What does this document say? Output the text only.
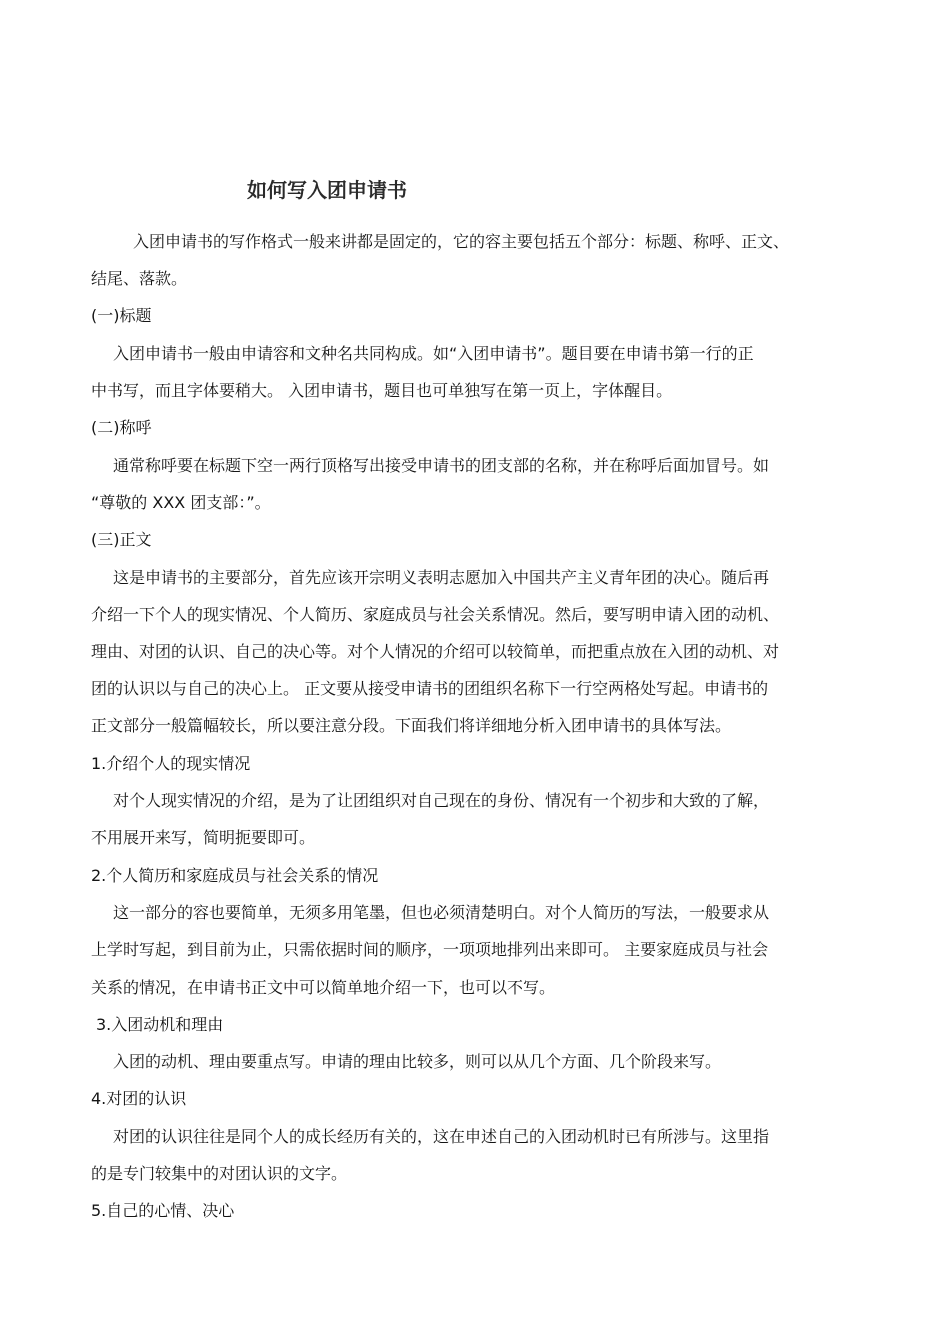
如何写入团申请书
入团申请书的写作格式一般来讲都是固定的，它的容主要包括五个部分：标题、称呼、正文、
结尾、落款。
(一)标题
入团申请书一般由申请容和文种名共同构成。如“入团申请书”。题目要在申请书第一行的正
中书写，而且字体要稍大。 入团申请书，题目也可单独写在第一页上，字体醒目。
(二)称呼
通常称呼要在标题下空一两行顶格写出接受申请书的团支部的名称，并在称呼后面加冒号。如
“尊敬的 XXX 团支部：”。
(三)正文
这是申请书的主要部分，首先应该开宗明义表明志愿加入中国共产主义青年团的决心。随后再
介绍一下个人的现实情况、个人简历、家庭成员与社会关系情况。然后，要写明申请入团的动机、
理由、对团的认识、自己的决心等。对个人情况的介绍可以较简单，而把重点放在入团的动机、对
团的认识以与自己的决心上。 正文要从接受申请书的团组织名称下一行空两格处写起。申请书的
正文部分一般篇幅较长，所以要注意分段。下面我们将详细地分析入团申请书的具体写法。
1.介绍个人的现实情况
对个人现实情况的介绍，是为了让团组织对自己现在的身份、情况有一个初步和大致的了解，
不用展开来写，简明扼要即可。
2.个人简历和家庭成员与社会关系的情况
这一部分的容也要简单，无须多用笔墨，但也必须清楚明白。对个人简历的写法，一般要求从
上学时写起，到目前为止，只需依据时间的顺序，一项项地排列出来即可。 主要家庭成员与社会
关系的情况，在申请书正文中可以简单地介绍一下，也可以不写。
3.入团动机和理由
入团的动机、理由要重点写。申请的理由比较多，则可以从几个方面、几个阶段来写。
4.对团的认识
对团的认识往往是同个人的成长经历有关的，这在申述自己的入团动机时已有所涉与。这里指
的是专门较集中的对团认识的文字。
5.自己的心情、决心
